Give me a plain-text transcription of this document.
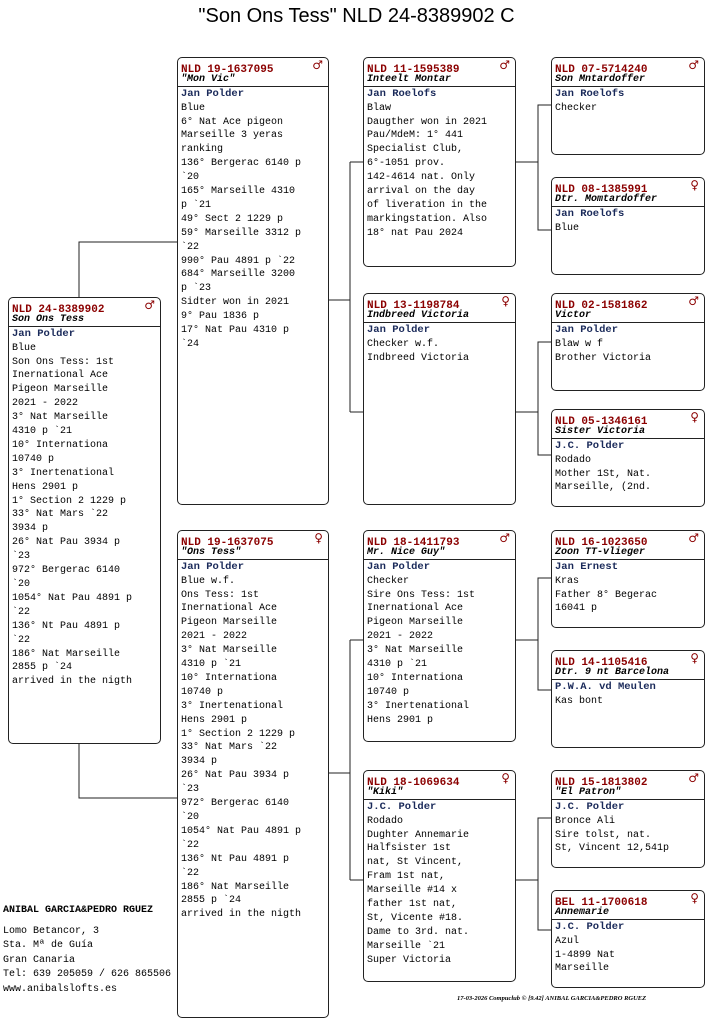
"Son Ons Tess" NLD 24-8389902 C
NLD 24-8389902	♂
Son Ons Tess
Jan Polder
Blue
Son Ons Tess: 1st
Inernational Ace
Pigeon Marseille
2021 - 2022
3° Nat Marseille
4310 p `21
10° Internationa
10740 p
3° Inertenational
Hens 2901 p
1° Section 2 1229 p
33° Nat Mars `22
3934 p
26° Nat Pau 3934 p
`23
972° Bergerac 6140
`20
1054° Nat Pau 4891 p
`22
136° Nt Pau 4891 p
`22
186° Nat Marseille
2855 p `24
arrived in the nigth
NLD 19-1637095	♂
"Mon Vic"
Jan Polder
Blue
6° Nat Ace pigeon
Marseille 3 yeras
ranking
136° Bergerac 6140 p
`20
165° Marseille 4310
p `21
49° Sect 2 1229 p
59° Marseille 3312 p
`22
990° Pau 4891 p `22
684° Marseille 3200
p `23
Sidter won in 2021
9° Pau 1836 p
17° Nat Pau 4310 p
`24
NLD 19-1637075	♀
"Ons Tess"
Jan Polder
Blue w.f.
Ons Tess: 1st
Inernational Ace
Pigeon Marseille
2021 - 2022
3° Nat Marseille
4310 p `21
10° Internationa
10740 p
3° Inertenational
Hens 2901 p
1° Section 2 1229 p
33° Nat Mars `22
3934 p
26° Nat Pau 3934 p
`23
972° Bergerac 6140
`20
1054° Nat Pau 4891 p
`22
136° Nt Pau 4891 p
`22
186° Nat Marseille
2855 p `24
arrived in the nigth
NLD 11-1595389	♂
Inteelt Montar
Jan Roelofs
Blaw
Daugther won in 2021
Pau/MdeM: 1° 441
Specialist Club,
6°-1051 prov.
142-4614 nat. Only
arrival on the day
of liveration in the
markingstation. Also
18° nat Pau 2024
NLD 13-1198784	♀
Indbreed Victoria
Jan Polder
Checker w.f.
Indbreed Victoria
NLD 18-1411793	♂
Mr. Nice Guy"
Jan Polder
Checker
Sire Ons Tess: 1st
Inernational Ace
Pigeon Marseille
2021 - 2022
3° Nat Marseille
4310 p `21
10° Internationa
10740 p
3° Inertenational
Hens 2901 p
NLD 18-1069634	♀
"Kiki"
J.C. Polder
Rodado
Dughter Annemarie
Halfsister 1st
nat, St Vincent,
Fram 1st nat,
Marseille #14 x
father 1st nat,
St, Vicente #18.
Dame to 3rd. nat.
Marseille `21
Super Victoria
NLD 07-5714240	♂
Son Mntardoffer
Jan Roelofs
Checker
NLD 08-1385991	♀
Dtr. Momtardoffer
Jan Roelofs
Blue
NLD 02-1581862	♂
Victor
Jan Polder
Blaw w f
Brother Victoria
NLD 05-1346161	♀
Sister Victoria
J.C. Polder
Rodado
Mother 1St, Nat.
Marseille, (2nd.
NLD 16-1023650	♂
Zoon TT-vlieger
Jan Ernest
Kras
Father 8° Begerac
16041 p
NLD 14-1105416	♀
Dtr. 9 nt Barcelona
P.W.A. vd Meulen
Kas bont
NLD 15-1813802	♂
"El Patron"
J.C. Polder
Bronce Ali
Sire tolst, nat.
St, Vincent 12,541p
BEL 11-1700618	♀
Annemarie
J.C. Polder
Azul
1-4899 Nat
Marseille
ANIBAL GARCIA&PEDRO RGUEZ
Lomo Betancor, 3
Sta. Mª de Guía
Gran Canaria
Tel: 639 205059 / 626 865506
www.anibalslofts.es
17-03-2026 Compuclub © [9.42] ANIBAL GARCIA&PEDRO RGUEZ
